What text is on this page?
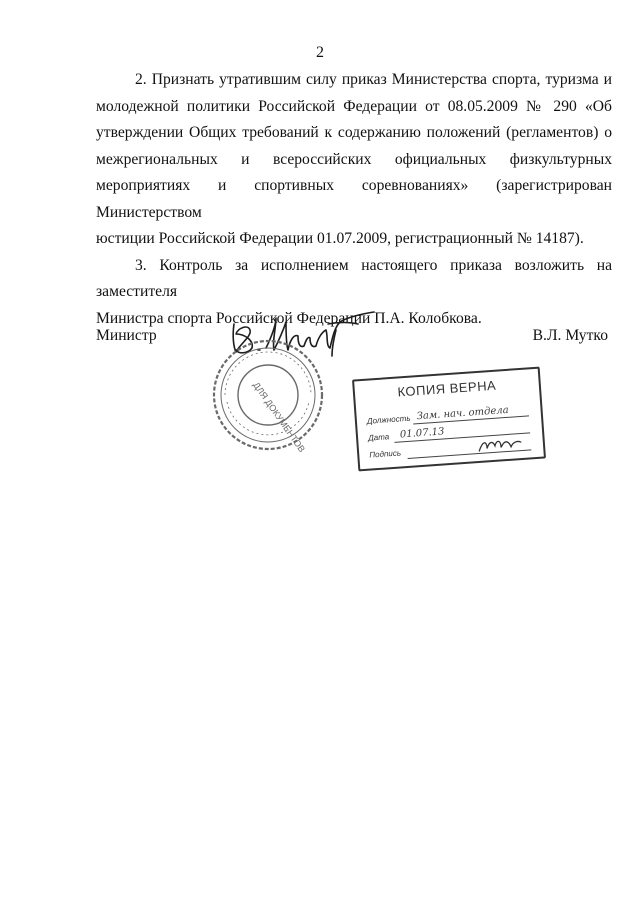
2

2. Признать утратившим силу приказ Министерства спорта, туризма и
молодежной политики Российской Федерации от 08.05.2009 № 290 «Об
утверждении Общих требований к содержанию положений (регламентов) о
межрегиональных и всероссийских официальных физкультурных
мероприятиях и спортивных соревнованиях» (зарегистрирован Министерством
юстиции Российской Федерации 01.07.2009, регистрационный № 14187).

3. Контроль за исполнением настоящего приказа возложить на заместителя
Министра спорта Российской Федерации П.А. Колобкова.

Министр	В.Л. Мутко
ДЛЯ ДОКУМЕНТОВ	КОПИЯ ВЕРНА
Должность Зам. нач. отдела
Дата 01.07.13
Подпись
